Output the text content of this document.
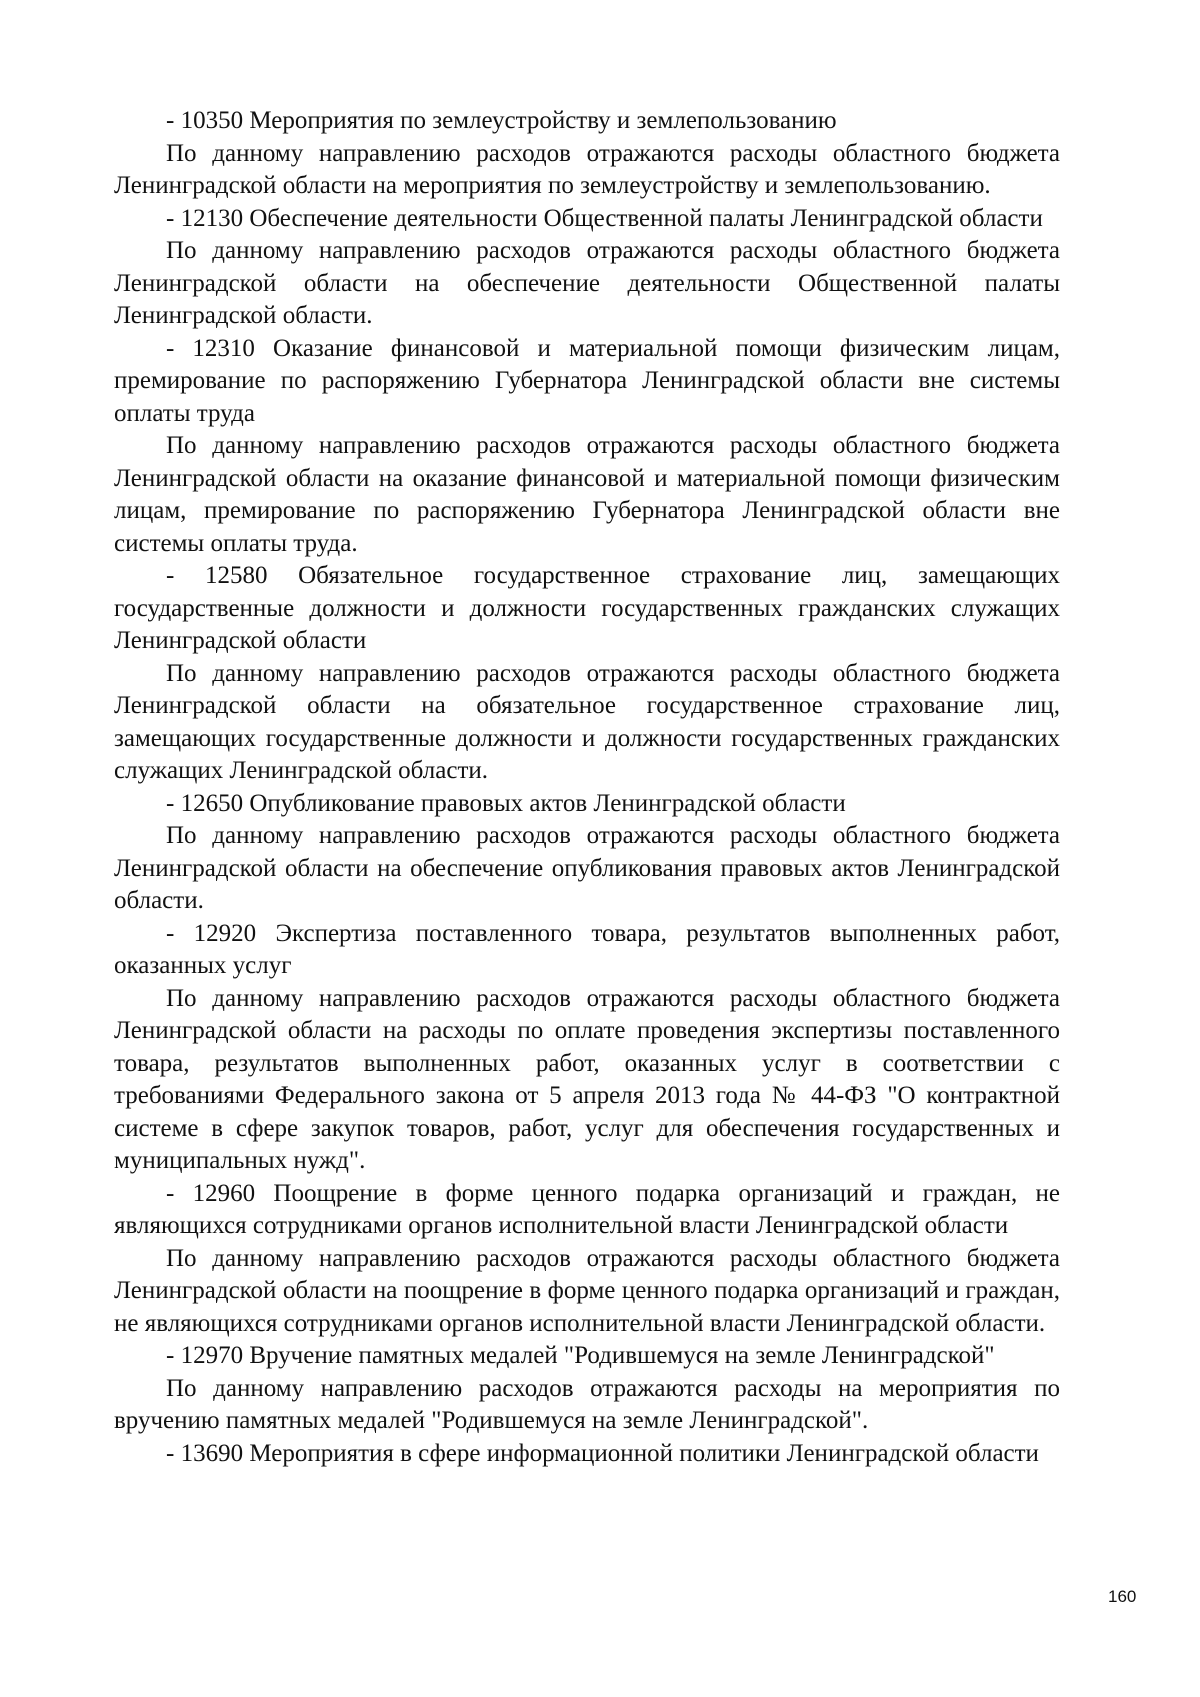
- 10350 Мероприятия по землеустройству и землепользованию

По данному направлению расходов отражаются расходы областного бюджета Ленинградской области на мероприятия по землеустройству и землепользованию.

- 12130 Обеспечение деятельности Общественной палаты Ленинградской области

По данному направлению расходов отражаются расходы областного бюджета Ленинградской области на обеспечение деятельности Общественной палаты Ленинградской области.

- 12310 Оказание финансовой и материальной помощи физическим лицам, премирование по распоряжению Губернатора Ленинградской области вне системы оплаты труда

По данному направлению расходов отражаются расходы областного бюджета Ленинградской области на оказание финансовой и материальной помощи физическим лицам, премирование по распоряжению Губернатора Ленинградской области вне системы оплаты труда.

- 12580 Обязательное государственное страхование лиц, замещающих государственные должности и должности государственных гражданских служащих Ленинградской области

По данному направлению расходов отражаются расходы областного бюджета Ленинградской области на обязательное государственное страхование лиц, замещающих государственные должности и должности государственных гражданских служащих Ленинградской области.

- 12650 Опубликование правовых актов Ленинградской области

По данному направлению расходов отражаются расходы областного бюджета Ленинградской области на обеспечение опубликования правовых актов Ленинградской области.

- 12920 Экспертиза поставленного товара, результатов выполненных работ, оказанных услуг

По данному направлению расходов отражаются расходы областного бюджета Ленинградской области на расходы по оплате проведения экспертизы поставленного товара, результатов выполненных работ, оказанных услуг в соответствии с требованиями Федерального закона от 5 апреля 2013 года № 44-ФЗ "О контрактной системе в сфере закупок товаров, работ, услуг для обеспечения государственных и муниципальных нужд".

- 12960 Поощрение в форме ценного подарка организаций и граждан, не являющихся сотрудниками органов исполнительной власти Ленинградской области

По данному направлению расходов отражаются расходы областного бюджета Ленинградской области на поощрение в форме ценного подарка организаций и граждан, не являющихся сотрудниками органов исполнительной власти Ленинградской области.

- 12970 Вручение памятных медалей "Родившемуся на земле Ленинградской"

По данному направлению расходов отражаются расходы на мероприятия по вручению памятных медалей "Родившемуся на земле Ленинградской".

- 13690 Мероприятия в сфере информационной политики Ленинградской области

160
